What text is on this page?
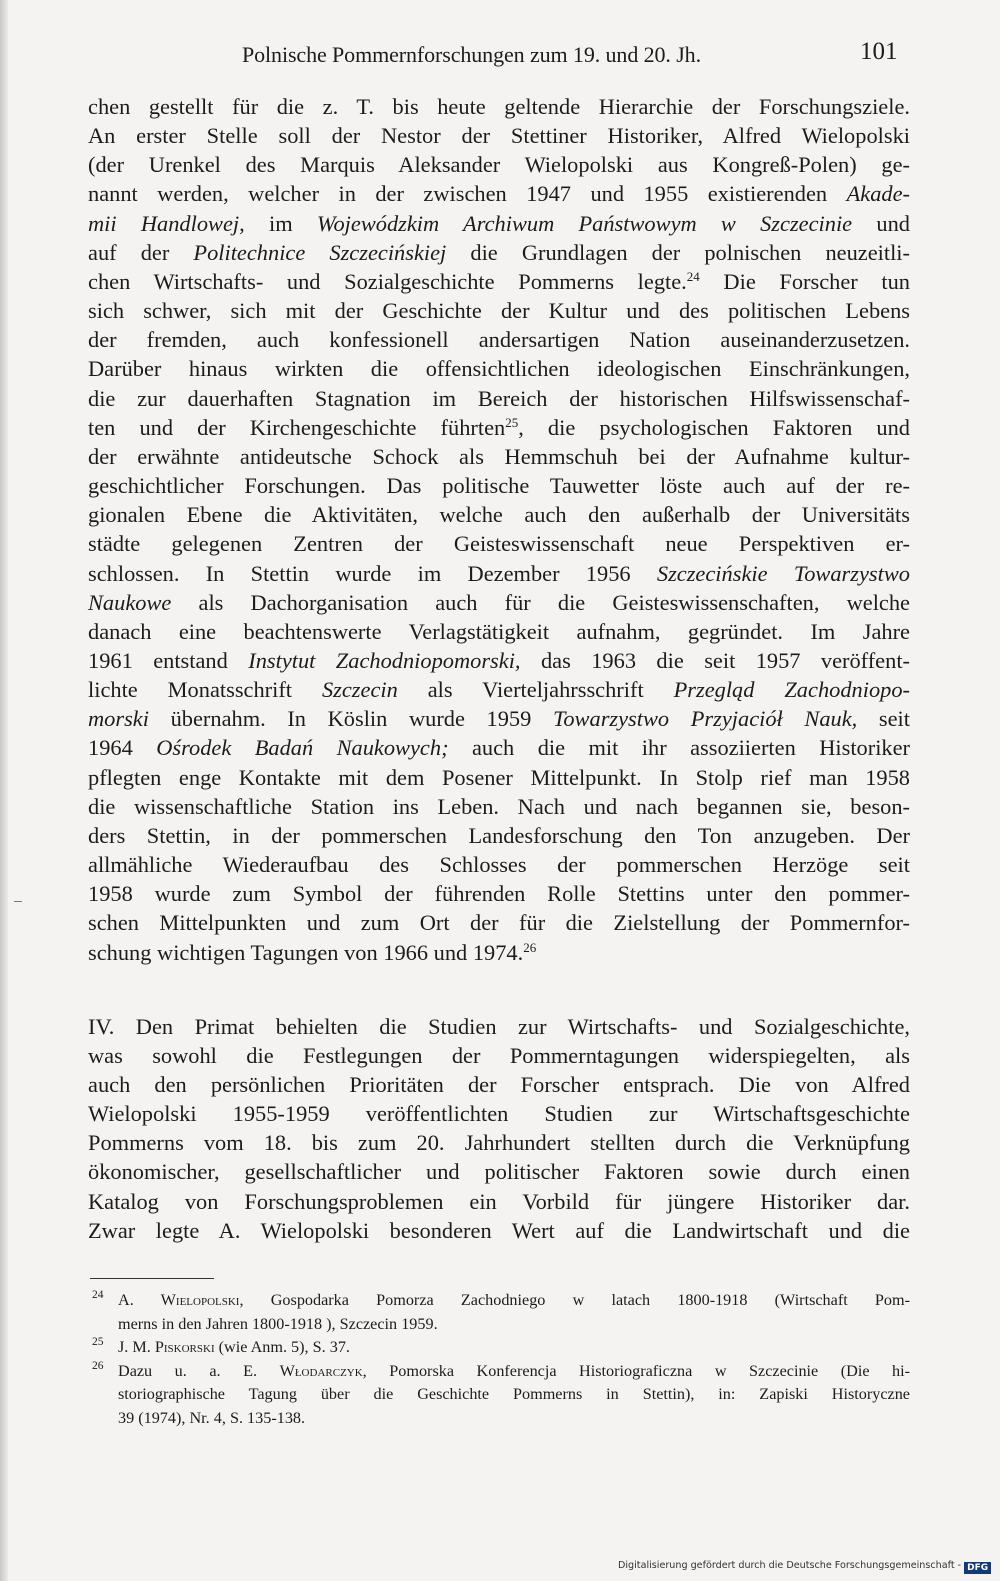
Polnische Pommernforschungen zum 19. und 20. Jh.	101

chen gestellt für die z. T. bis heute geltende Hierarchie der Forschungsziele.
An erster Stelle soll der Nestor der Stettiner Historiker, Alfred Wielopolski
(der Urenkel des Marquis Aleksander Wielopolski aus Kongreß-Polen) ge-
nannt werden, welcher in der zwischen 1947 und 1955 existierenden Akade-
mii Handlowej, im Wojewódzkim Archiwum Państwowym w Szczecinie und
auf der Politechnice Szczecińskiej die Grundlagen der polnischen neuzeitli-
chen Wirtschafts- und Sozialgeschichte Pommerns legte.$^{24}$ Die Forscher tun
sich schwer, sich mit der Geschichte der Kultur und des politischen Lebens
der fremden, auch konfessionell andersartigen Nation auseinanderzusetzen.
Darüber hinaus wirkten die offensichtlichen ideologischen Einschränkungen,
die zur dauerhaften Stagnation im Bereich der historischen Hilfswissenschaf-
ten und der Kirchengeschichte führten$^{25}$, die psychologischen Faktoren und
der erwähnte antideutsche Schock als Hemmschuh bei der Aufnahme kultur-
geschichtlicher Forschungen. Das politische Tauwetter löste auch auf der re-
gionalen Ebene die Aktivitäten, welche auch den außerhalb der Universitäts
städte gelegenen Zentren der Geisteswissenschaft neue Perspektiven er-
schlossen. In Stettin wurde im Dezember 1956 Szczecińskie Towarzystwo
Naukowe als Dachorganisation auch für die Geisteswissenschaften, welche
danach eine beachtenswerte Verlagstätigkeit aufnahm, gegründet. Im Jahre
1961 entstand Instytut Zachodniopomorski, das 1963 die seit 1957 veröffent-
lichte Monatsschrift Szczecin als Vierteljahrsschrift Przegląd Zachodniopo-
morski übernahm. In Köslin wurde 1959 Towarzystwo Przyjaciół Nauk, seit
1964 Ośrodek Badań Naukowych; auch die mit ihr assoziierten Historiker
pflegten enge Kontakte mit dem Posener Mittelpunkt. In Stolp rief man 1958
die wissenschaftliche Station ins Leben. Nach und nach begannen sie, beson-
ders Stettin, in der pommerschen Landesforschung den Ton anzugeben. Der
allmähliche Wiederaufbau des Schlosses der pommerschen Herzöge seit
1958 wurde zum Symbol der führenden Rolle Stettins unter den pommer-
schen Mittelpunkten und zum Ort der für die Zielstellung der Pommernfor-
schung wichtigen Tagungen von 1966 und 1974.26

IV. Den Primat behielten die Studien zur Wirtschafts- und Sozialgeschichte,
was sowohl die Festlegungen der Pommerntagungen widerspiegelten, als
auch den persönlichen Prioritäten der Forscher entsprach. Die von Alfred
Wielopolski 1955-1959 veröffentlichten Studien zur Wirtschaftsgeschichte
Pommerns vom 18. bis zum 20. Jahrhundert stellten durch die Verknüpfung
ökonomischer, gesellschaftlicher und politischer Faktoren sowie durch einen
Katalog von Forschungsproblemen ein Vorbild für jüngere Historiker dar.
Zwar legte A. Wielopolski besonderen Wert auf die Landwirtschaft und die

24 A. Wielopolski, Gospodarka Pomorza Zachodniego w latach 1800-1918 (Wirtschaft Pom-
merns in den Jahren 1800-1918 ), Szczecin 1959.
25 J. M. Piskorski (wie Anm. 5), S. 37.
26 Dazu u. a. E. Włodarczyk, Pomorska Konferencja Historiograficzna w Szczecinie (Die hi-
storiographische Tagung über die Geschichte Pommerns in Stettin), in: Zapiski Historyczne
39 (1974), Nr. 4, S. 135-138.
Digitalisierung gefördert durch die Deutsche Forschungsgemeinschaft - DFG
